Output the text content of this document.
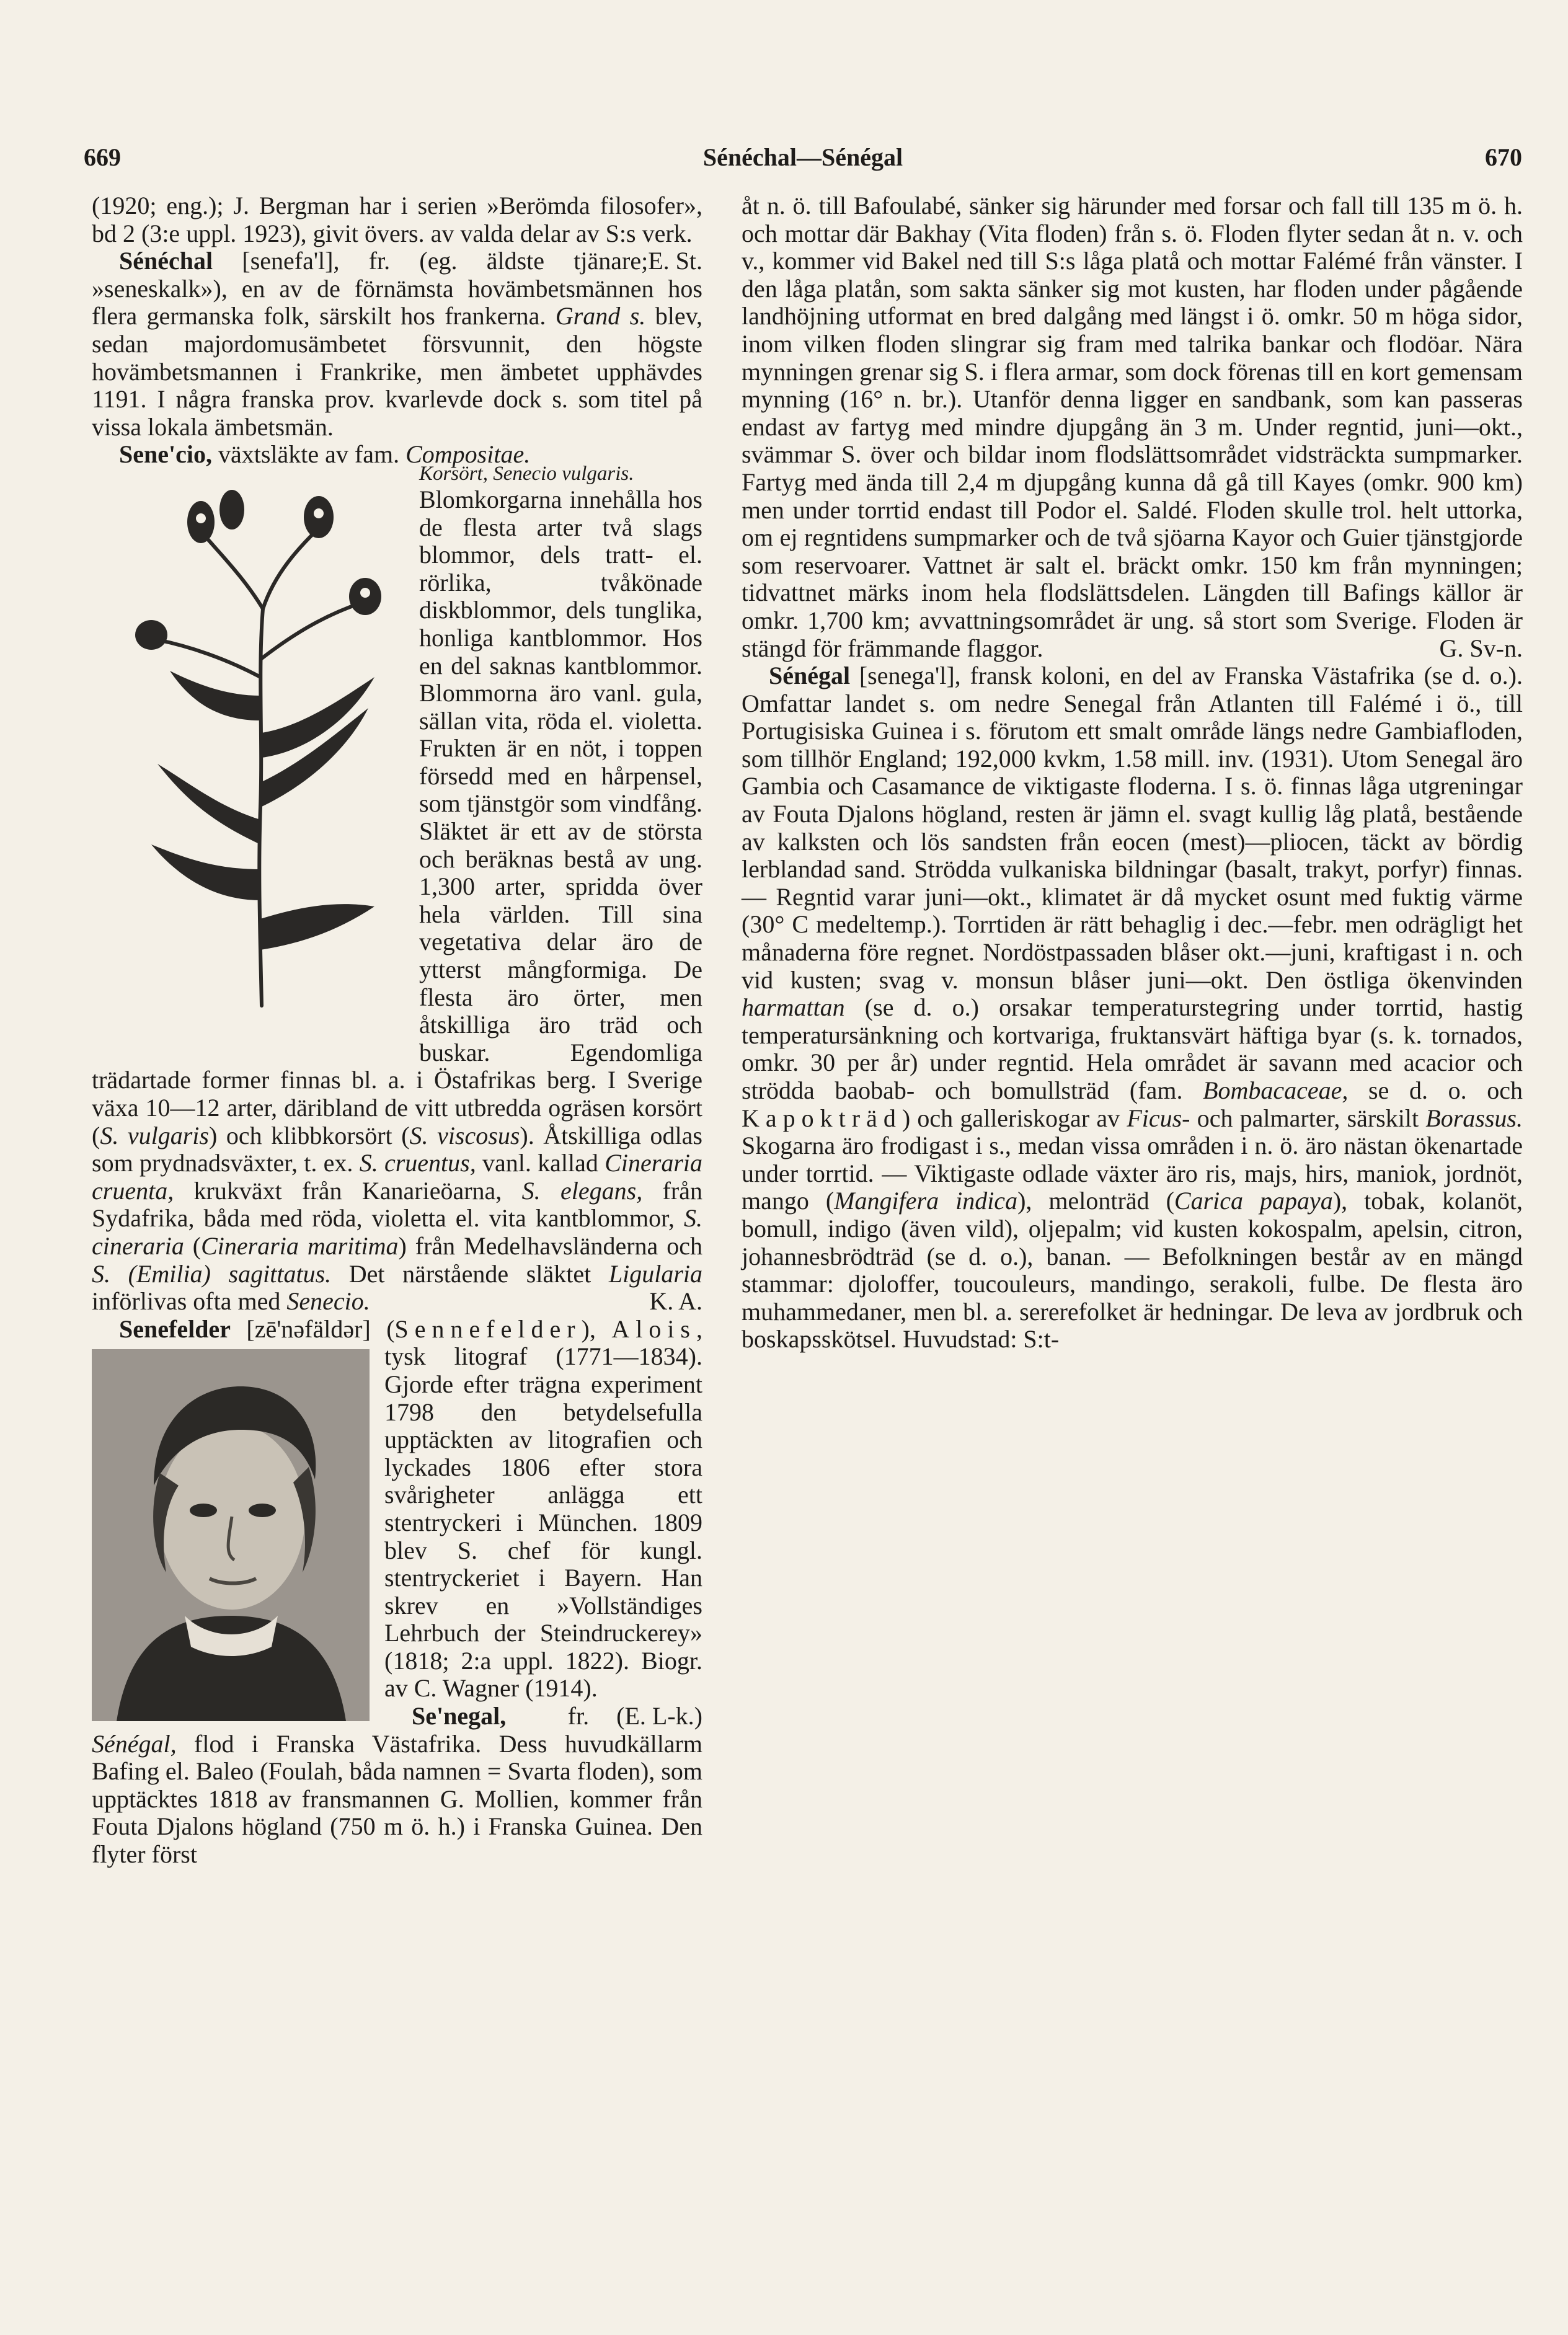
669	Sénéchal—Sénégal	670

(1920; eng.); J. Bergman har i serien »Berömda filosofer», bd 2 (3:e uppl. 1923), givit övers. av valda delar av S:s verk.
E. St.

Sénéchal [senefa'l], fr. (eg. äldste tjänare; »seneskalk»), en av de förnämsta hovämbetsmännen hos flera germanska folk, särskilt hos frankerna. Grand s. blev, sedan majordomusämbetet försvunnit, den högste hovämbetsmannen i Frankrike, men ämbetet upphävdes 1191. I några franska prov. kvarlevde dock s. som titel på vissa lokala ämbetsmän.

Sene'cio, växtsläkte av fam. Compositae.

Korsört, Senecio vulgaris.
Blomkorgarna innehålla hos de flesta arter två slags blommor, dels tratt- el. rörlika, tvåkönade diskblommor, dels tunglika, honliga kantblommor. Hos en del saknas kantblommor. Blommorna äro vanl. gula, sällan vita, röda el. violetta. Frukten är en nöt, i toppen försedd med en hårpensel, som tjänstgör som vindfång. Släktet är ett av de största och beräknas bestå av ung. 1,300 arter, spridda över hela världen. Till sina vegetativa delar äro de ytterst mångformiga. De flesta äro örter, men åtskilliga äro träd och buskar. Egendomliga trädartade former finnas bl. a. i Östafrikas berg. I Sverige växa 10—12 arter, däribland de vitt utbredda ogräsen korsört (S. vulgaris) och klibbkorsört (S. viscosus). Åtskilliga odlas som prydnadsväxter, t. ex. S. cruentus, vanl. kallad Cineraria cruenta, krukväxt från Kanarieöarna, S. elegans, från Sydafrika, båda med röda, violetta el. vita kantblommor, S. cineraria (Cineraria maritima) från Medelhavsländerna och S. (Emilia) sagittatus. Det närstående släktet Ligularia införlivas ofta med Senecio.	K. A.

Senefelder [zē'nəfäldər] (Sennefelder), Alois
, tysk litograf (1771—1834). Gjorde efter trägna experiment 1798 den betydelsefulla upptäckten av litografien och lyckades 1806 efter stora svårigheter anlägga ett stentryckeri i München. 1809 blev S. chef för kungl. stentryckeriet i Bayern. Han skrev en »Vollständiges Lehrbuch der Steindruckerey» (1818; 2:a uppl. 1822). Biogr. av C. Wagner (1914).
(E. L-k.)

Se'negal, fr. Sénégal, flod i Franska Västafrika. Dess huvudkällarm Bafing el. Baleo (Foulah, båda namnen = Svarta floden), som upptäcktes 1818 av fransmannen G. Mollien, kommer från Fouta Djalons högland (750 m ö. h.) i Franska Guinea. Den flyter först

åt n. ö. till Bafoulabé, sänker sig härunder med forsar och fall till 135 m ö. h. och mottar där Bakhay (Vita floden) från s. ö. Floden flyter sedan åt n. v. och v., kommer vid Bakel ned till S:s låga platå och mottar Falémé från vänster. I den låga platån, som sakta sänker sig mot kusten, har floden under pågående landhöjning utformat en bred dalgång med längst i ö. omkr. 50 m höga sidor, inom vilken floden slingrar sig fram med talrika bankar och flodöar. Nära mynningen grenar sig S. i flera armar, som dock förenas till en kort gemensam mynning (16° n. br.). Utanför denna ligger en sandbank, som kan passeras endast av fartyg med mindre djupgång än 3 m. Under regntid, juni—okt., svämmar S. över och bildar inom flodslättsområdet vidsträckta sumpmarker. Fartyg med ända till 2,4 m djupgång kunna då gå till Kayes (omkr. 900 km) men under torrtid endast till Podor el. Saldé. Floden skulle trol. helt uttorka, om ej regntidens sumpmarker och de två sjöarna Kayor och Guier tjänstgjorde som reservoarer. Vattnet är salt el. bräckt omkr. 150 km från mynningen; tidvattnet märks inom hela flodslättsdelen. Längden till Bafings källor är omkr. 1,700 km; avvattningsområdet är ung. så stort som Sverige. Floden är stängd för främmande flaggor.	G. Sv-n.

Sénégal [senega'l], fransk koloni, en del av Franska Västafrika (se d. o.). Omfattar landet s. om nedre Senegal från Atlanten till Falémé i ö., till Portugisiska Guinea i s. förutom ett smalt område längs nedre Gambiafloden, som tillhör England; 192,000 kvkm, 1.58 mill. inv. (1931). Utom Senegal äro Gambia och Casamance de viktigaste floderna. I s. ö. finnas låga utgreningar av Fouta Djalons högland, resten är jämn el. svagt kullig låg platå, bestående av kalksten och lös sandsten från eocen (mest)—pliocen, täckt av bördig lerblandad sand. Strödda vulkaniska bildningar (basalt, trakyt, porfyr) finnas. — Regntid varar juni—okt., klimatet är då mycket osunt med fuktig värme (30° C medeltemp.). Torrtiden är rätt behaglig i dec.—febr. men odrägligt het månaderna före regnet. Nordöstpassaden blåser okt.—juni, kraftigast i n. och vid kusten; svag v. monsun blåser juni—okt. Den östliga ökenvinden harmattan (se d. o.) orsakar temperaturstegring under torrtid, hastig temperatursänkning och kortvariga, fruktansvärt häftiga byar (s. k. tornados, omkr. 30 per år) under regntid. Hela området är savann med acacior och strödda baobab- och bomullsträd (fam. Bombacaceae, se d. o. och Kapokträd) och galleriskogar av Ficus- och palmarter, särskilt Borassus. Skogarna äro frodigast i s., medan vissa områden i n. ö. äro nästan ökenartade under torrtid. — Viktigaste odlade växter äro ris, majs, hirs, maniok, jordnöt, mango (Mangifera indica), melonträd (Carica papaya), tobak, kolanöt, bomull, indigo (även vild), oljepalm; vid kusten kokospalm, apelsin, citron, johannesbrödträd (se d. o.), banan. — Befolkningen består av en mängd stammar: djoloffer, toucouleurs, mandingo, serakoli, fulbe. De flesta äro muhammedaner, men bl. a. sererefolket är hedningar. De leva av jordbruk och boskapsskötsel. Huvudstad: S:t-
